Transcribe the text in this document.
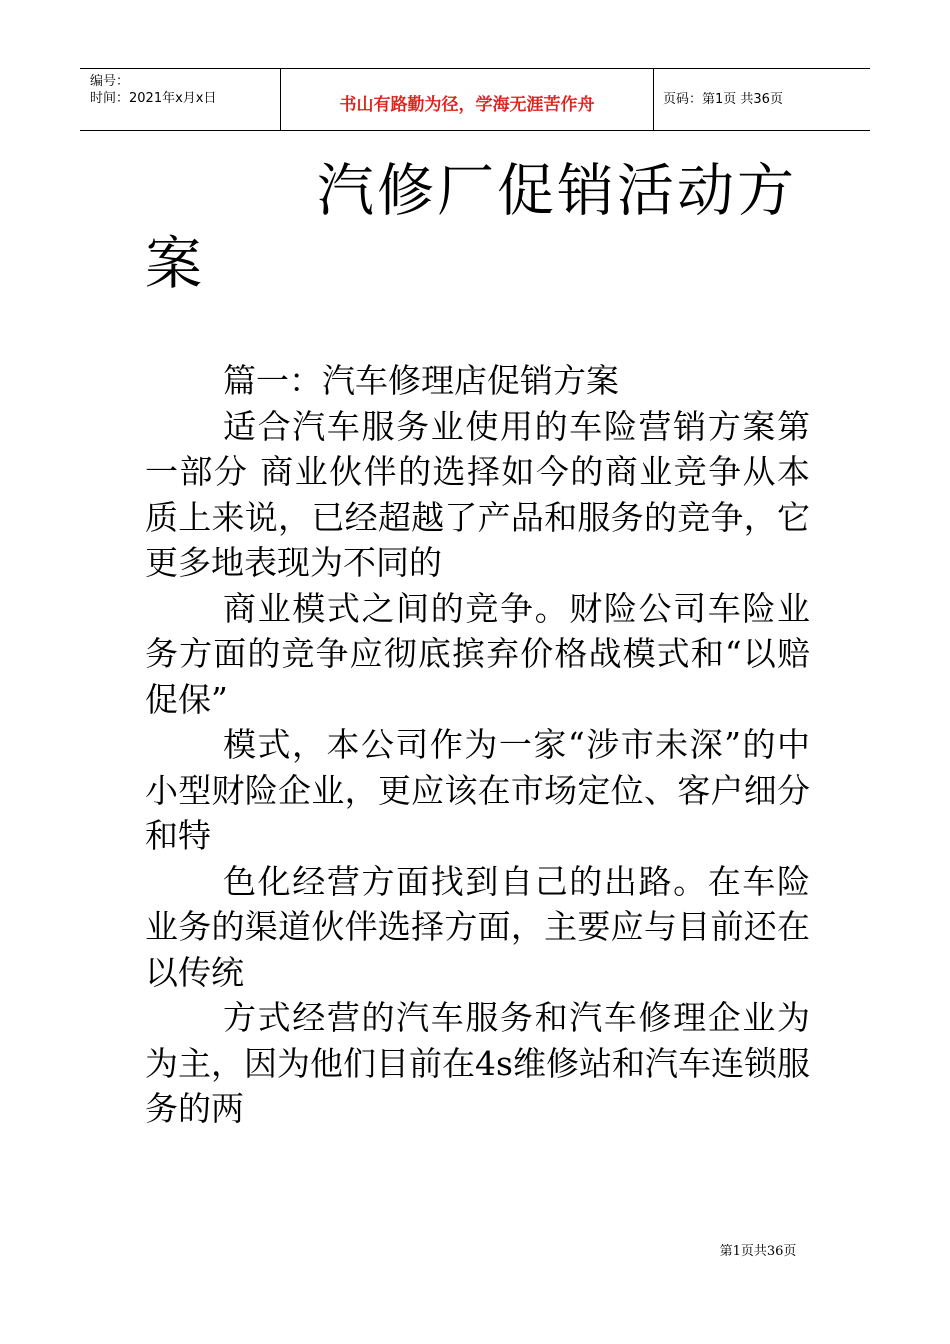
编号：
时间：2021年x月x日	书山有路勤为径，学海无涯苦作舟	页码：第1页 共36页
汽修厂促销活动方案

篇一：汽车修理店促销方案

适合汽车服务业使用的车险营销方案第一部分 商业伙伴的选择如今的商业竞争从本质上来说，已经超越了产品和服务的竞争，它更多地表现为不同的

商业模式之间的竞争。财险公司车险业务方面的竞争应彻底摈弃价格战模式和“以赔促保”

模式，本公司作为一家“涉市未深”的中小型财险企业，更应该在市场定位、客户细分和特

色化经营方面找到自己的出路。在车险业务的渠道伙伴选择方面，主要应与目前还在以传统

方式经营的汽车服务和汽车修理企业为为主，因为他们目前在4s维修站和汽车连锁服务的两

第1页共36页
